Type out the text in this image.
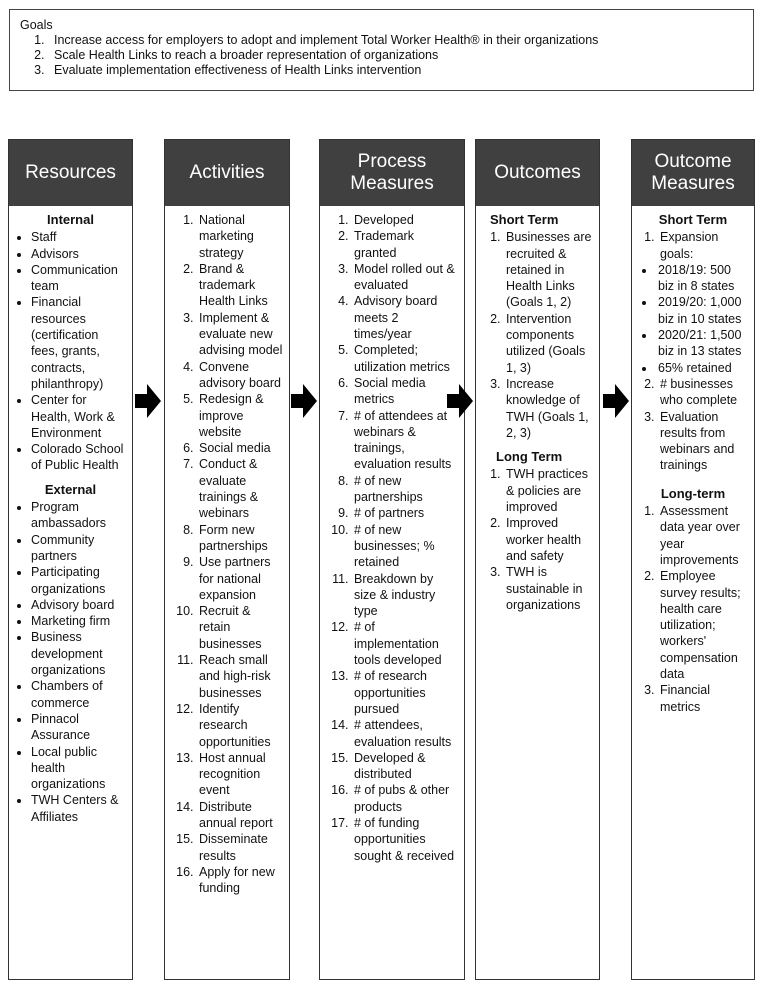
Goals
1. Increase access for employers to adopt and implement Total Worker Health® in their organizations
2. Scale Health Links to reach a broader representation of organizations
3. Evaluate implementation effectiveness of Health Links intervention
Resources
Internal
• Staff
• Advisors
• Communication team
• Financial resources (certification fees, grants, contracts, philanthropy)
• Center for Health, Work & Environment
• Colorado School of Public Health
External
• Program ambassadors
• Community partners
• Participating organizations
• Advisory board
• Marketing firm
• Business development organizations
• Chambers of commerce
• Pinnacol Assurance
• Local public health organizations
• TWH Centers & Affiliates
Activities
1. National marketing strategy
2. Brand & trademark Health Links
3. Implement & evaluate new advising model
4. Convene advisory board
5. Redesign & improve website
6. Social media
7. Conduct & evaluate trainings & webinars
8. Form new partnerships
9. Use partners for national expansion
10. Recruit & retain businesses
11. Reach small and high-risk businesses
12. Identify research opportunities
13. Host annual recognition event
14. Distribute annual report
15. Disseminate results
16. Apply for new funding
Process
Measures
1. Developed
2. Trademark granted
3. Model rolled out & evaluated
4. Advisory board meets 2 times/year
5. Completed; utilization metrics
6. Social media metrics
7. # of attendees at webinars & trainings, evaluation results
8. # of new partnerships
9. # of partners
10. # of new businesses; % retained
11. Breakdown by size & industry type
12. # of implementation tools developed
13. # of research opportunities pursued
14. # attendees, evaluation results
15. Developed & distributed
16. # of pubs & other products
17. # of funding opportunities sought & received
Outcomes
Short Term
1. Businesses are recruited & retained in Health Links (Goals 1, 2)
2. Intervention components utilized (Goals 1, 3)
3. Increase knowledge of TWH (Goals 1, 2, 3)
Long Term
1. TWH practices & policies are improved
2. Improved worker health and safety
3. TWH is sustainable in organizations
Outcome
Measures
Short Term
1. Expansion goals:
• 2018/19: 500 biz in 8 states
• 2019/20: 1,000 biz in 10 states
• 2020/21: 1,500 biz in 13 states
• 65% retained
2. # businesses who complete
3. Evaluation results from webinars and trainings
Long-term
1. Assessment data year over year improvements
2. Employee survey results; health care utilization; workers' compensation data
3. Financial metrics
